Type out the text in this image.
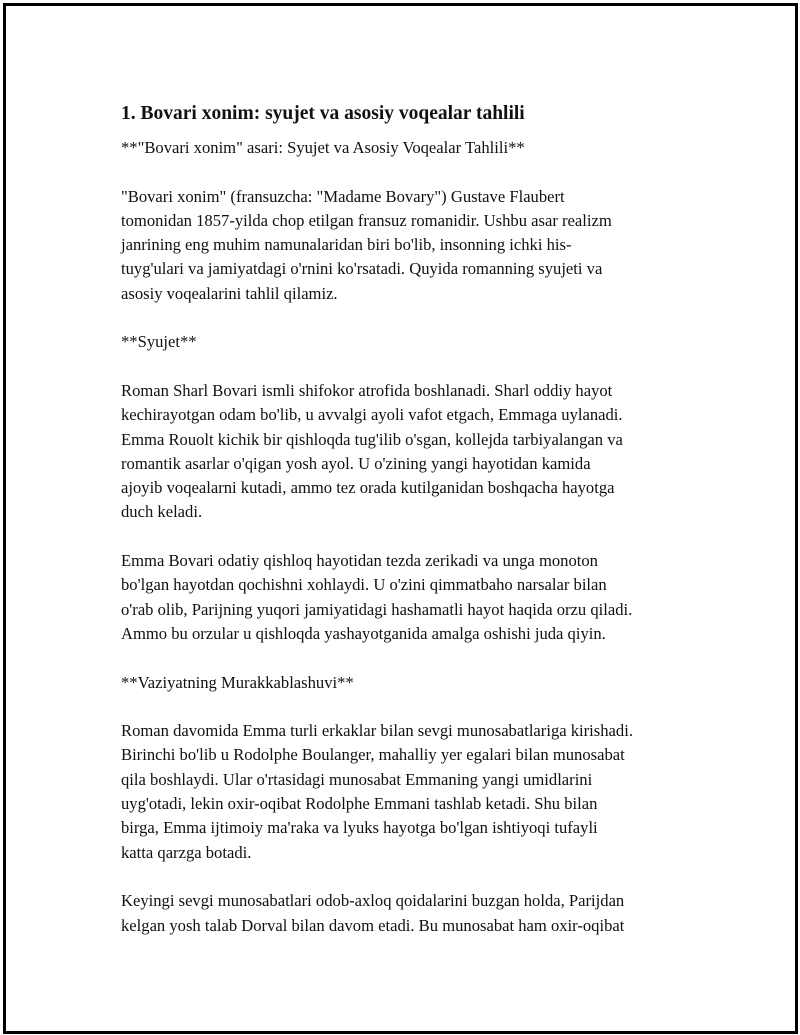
1. Bovari xonim: syujet va asosiy voqealar tahlili

**"Bovari xonim" asari: Syujet va Asosiy Voqealar Tahlili**

"Bovari xonim" (fransuzcha: "Madame Bovary") Gustave Flaubert
tomonidan 1857-yilda chop etilgan fransuz romanidir. Ushbu asar realizm
janrining eng muhim namunalaridan biri bo'lib, insonning ichki his-
tuyg'ulari va jamiyatdagi o'rnini ko'rsatadi. Quyida romanning syujeti va
asosiy voqealarini tahlil qilamiz.

**Syujet**

Roman Sharl Bovari ismli shifokor atrofida boshlanadi. Sharl oddiy hayot
kechirayotgan odam bo'lib, u avvalgi ayoli vafot etgach, Emmaga uylanadi.
Emma Rouolt kichik bir qishloqda tug'ilib o'sgan, kollejda tarbiyalangan va
romantik asarlar o'qigan yosh ayol. U o'zining yangi hayotidan kamida
ajoyib voqealarni kutadi, ammo tez orada kutilganidan boshqacha hayotga
duch keladi.

Emma Bovari odatiy qishloq hayotidan tezda zerikadi va unga monoton
bo'lgan hayotdan qochishni xohlaydi. U o'zini qimmatbaho narsalar bilan
o'rab olib, Parijning yuqori jamiyatidagi hashamatli hayot haqida orzu qiladi.
Ammo bu orzular u qishloqda yashayotganida amalga oshishi juda qiyin.

**Vaziyatning Murakkablashuvi**

Roman davomida Emma turli erkaklar bilan sevgi munosabatlariga kirishadi.
Birinchi bo'lib u Rodolphe Boulanger, mahalliy yer egalari bilan munosabat
qila boshlaydi. Ular o'rtasidagi munosabat Emmaning yangi umidlarini
uyg'otadi, lekin oxir-oqibat Rodolphe Emmani tashlab ketadi. Shu bilan
birga, Emma ijtimoiy ma'raka va lyuks hayotga bo'lgan ishtiyoqi tufayli
katta qarzga botadi.

Keyingi sevgi munosabatlari odob-axloq qoidalarini buzgan holda, Parijdan
kelgan yosh talab Dorval bilan davom etadi. Bu munosabat ham oxir-oqibat
